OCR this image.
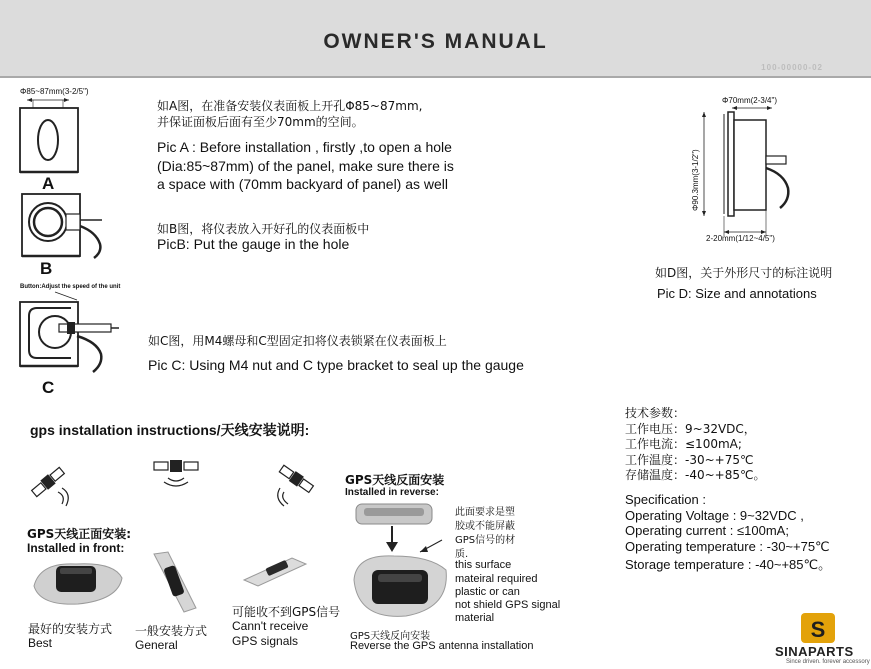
OWNER'S MANUAL
100-00000-02
Φ85~87mm(3-2/5")
A
如A图，在准备安装仪表面板上开孔Φ85~87mm,
并保证面板后面有至少70mm的空间。
Pic A : Before installation , firstly ,to open a hole
(Dia:85~87mm) of the panel, make sure there is
a space with (70mm backyard of panel) as well
B
如B图，将仪表放入开好孔的仪表面板中
PicB: Put the gauge in the hole
Button:Adjust the speed of the unit
C
如C图，用M4螺母和C型固定扣将仪表锁紧在仪表面板上
Pic C: Using M4 nut and C type bracket to seal up the gauge
Φ70mm(2-3/4")
Φ90.3mm(3-1/2")
2-20mm(1/12~4/5")
如D图，关于外形尺寸的标注说明
Pic D: Size and annotations
技术参数：
工作电压：9~32VDC，
工作电流：≤100mA;
工作温度：-30~+75℃
存储温度：-40~+85℃。
Specification :
Operating Voltage : 9~32VDC ,
Operating current : ≤100mA;
Operating temperature : -30~+75℃
Storage temperature : -40~+85℃。
gps installation instructions/天线安装说明:
GPS天线正面安装:
Installed in front:
最好的安装方式
Best
一般安装方式
General
可能收不到GPS信号
Cann't receive
GPS signals
GPS天线反面安装
Installed in reverse:
此面要求是塑
胶或不能屏蔽
GPS信号的材
质.
this surface
mateiral required
plastic or can
not shield GPS signal
material
GPS天线反向安装
Reverse the GPS antenna installation
S
SINAPARTS
Since driven. forever accessory
